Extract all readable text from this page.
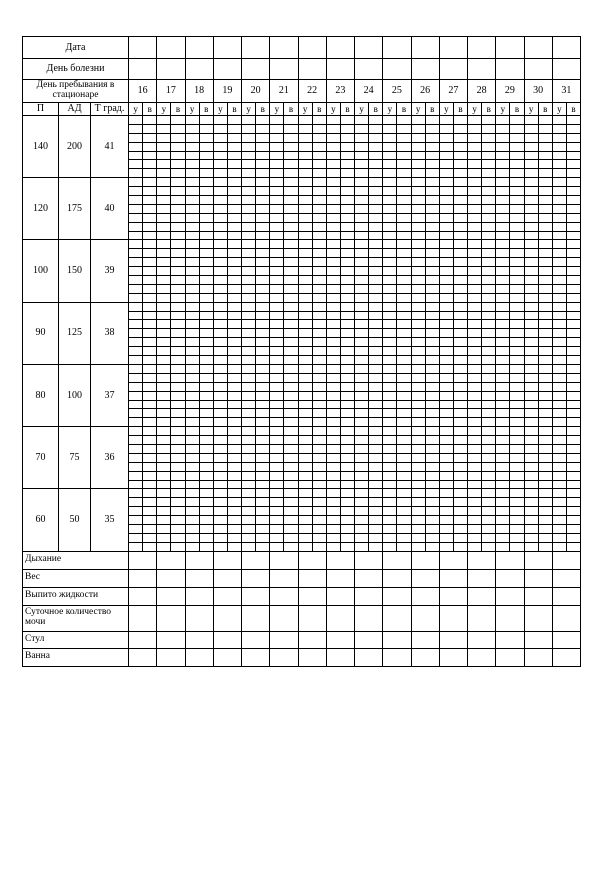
Дата																																		
День болезни																																		
День пребывания в стационаре			16		17		18		19		20		21		22		23		24		25		26		27		28		29		30		31	
П	АД	Т град.	у	в	у	в	у	в	у	в	у	в	у	в	у	в	у	в	у	в	у	в	у	в	у	в	у	в	у	в	у	в	у	в
140	200	41																																

120	175	40																																

100	150	39																																

90	125	38																																

80	100	37																																

70	75	36																																

60	50	35																																

Дыхание																																		
Вес																																		
Выпито жидкости																																		
Суточное количество мочи																																		
Стул																																		
Ванна																																		
